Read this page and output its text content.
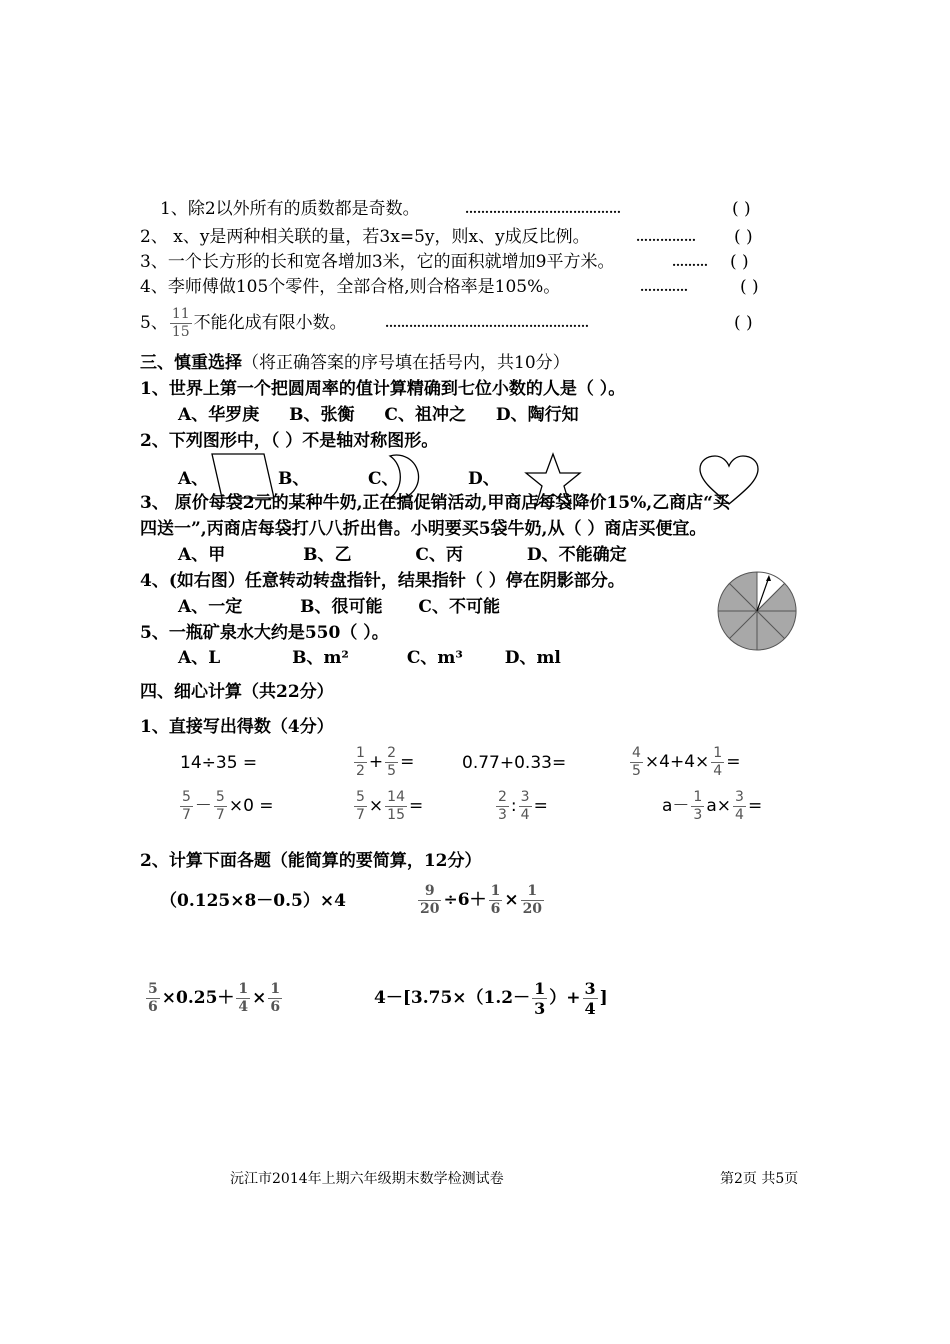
1、除2以外所有的质数都是奇数。	…………………………………	( )
2、 x、y是两种相关联的量，若3x=5y，则x、y成反比例。	…………… ( )
3、一个长方形的长和宽各增加3米，它的面积就增加9平方米。	……… ( )
4、李师傅做105个零件，全部合格,则合格率是105%。	…………	( )
5、 $\frac{11}{15}$ 不能化成有限小数。	……………………………………………	( )
三、慎重选择（将正确答案的序号填在括号内，共10分）
1、世界上第一个把圆周率的值计算精确到七位小数的人是（ ）。
A、华罗庚 B、张衡 C、祖冲之 D、陶行知
2、下列图形中，（ ）不是轴对称图形。
A、	B、	C、	D、
3、 原价每袋2元的某种牛奶,正在搞促销活动,甲商店每袋降价15%,乙商店“买
四送一”,丙商店每袋打八八折出售。小明要买5袋牛奶,从（ ）商店买便宜。
A、甲	B、乙	C、丙	D、不能确定
4、(如右图）任意转动转盘指针，结果指针（ ）停在阴影部分。
A、一定	B、很可能 C、不可能
5、一瓶矿泉水大约是550（ ）。
A、L	B、m²	C、m³ D、ml
四、细心计算（共22分）
1、直接写出得数（4分）
14÷35 =	$\frac{1}{2} + \frac{2}{5}$ =	0.77+0.33=	$\frac{4}{5} \times 4+4\times \frac{1}{4}$ =
$\frac{5}{7} - \frac{5}{7} \times 0$ =	$\frac{5}{7} \times \frac{14}{15}$ =	$\frac{2}{3}$ : $\frac{3}{4}$ =	$a- \frac{1}{3} a\times \frac{3}{4}$ =
2、计算下面各题（能简算的要简算，12分）
（0.125×8－0.5）×4	$\frac{9}{20} \div 6+ \frac{1}{6} \times \frac{1}{20}$
$\frac{5}{6} \times 0.25+ \frac{1}{4} \times \frac{1}{6}$	$4-[3.75\times(1.2- \frac{1}{3}$ ）+ $\frac{3}{4}$ ]
沅江市2014年上期六年级期末数学检测试卷	第2页 共5页
